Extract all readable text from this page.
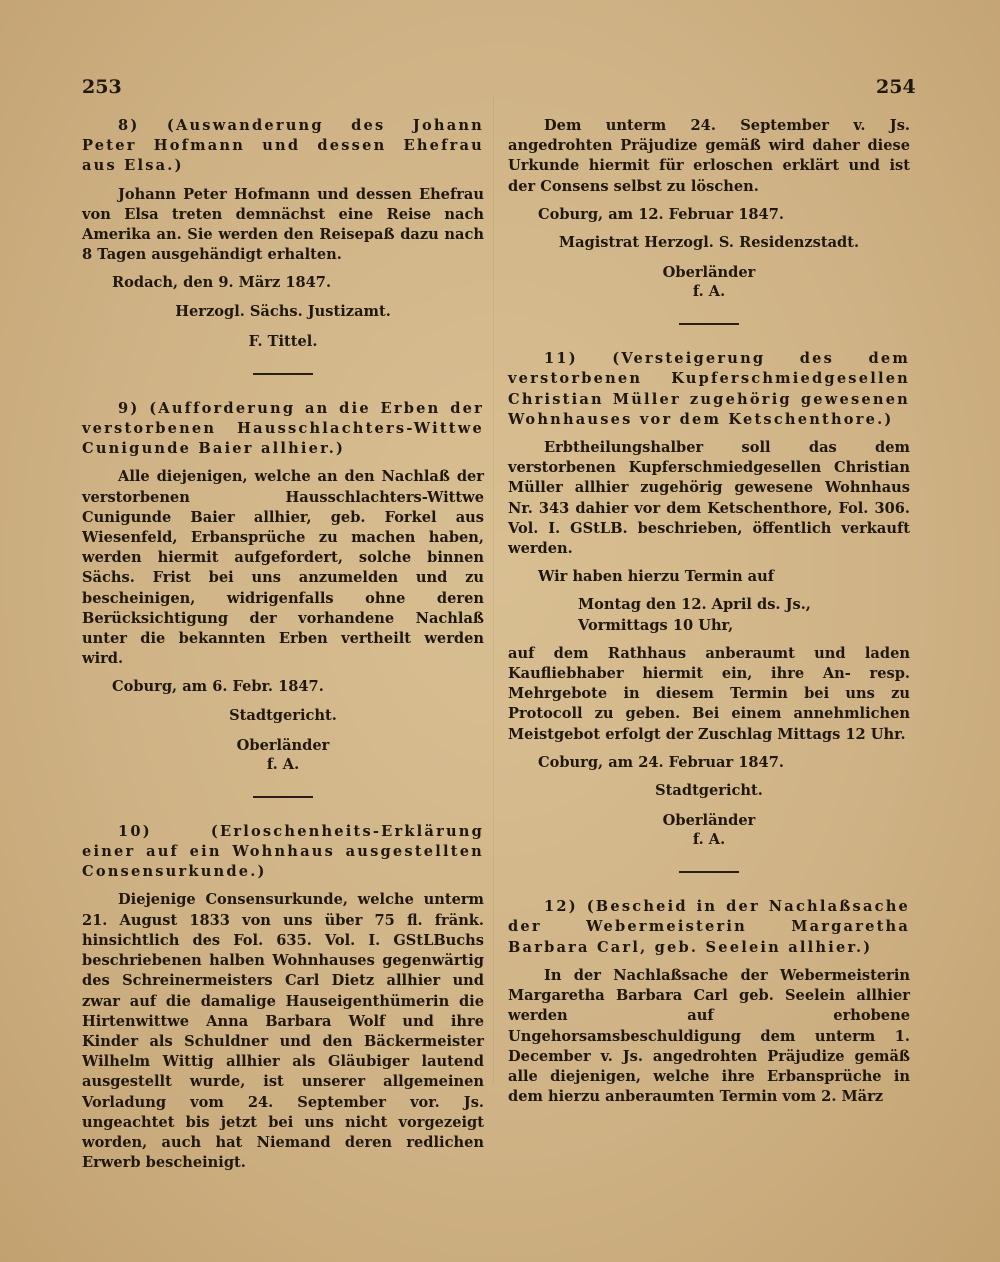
253	254

8) (Auswanderung des Johann Peter Hofmann und dessen Ehefrau aus Elsa.)

Johann Peter Hofmann und dessen Ehefrau von Elsa treten demnächst eine Reise nach Amerika an. Sie werden den Reisepaß dazu nach 8 Tagen ausgehändigt erhalten.

Rodach, den 9. März 1847.

Herzogl. Sächs. Justizamt.

F. Tittel.

9) (Aufforderung an die Erben der verstorbenen Hausschlachters-Wittwe Cunigunde Baier allhier.)

Alle diejenigen, welche an den Nachlaß der verstorbenen Hausschlachters-Wittwe Cunigunde Baier allhier, geb. Forkel aus Wiesenfeld, Erbansprüche zu machen haben, werden hiermit aufgefordert, solche binnen Sächs. Frist bei uns anzumelden und zu bescheinigen, widrigenfalls ohne deren Berücksichtigung der vorhandene Nachlaß unter die bekannten Erben vertheilt werden wird.

Coburg, am 6. Febr. 1847.

Stadtgericht.

Oberländer

f. A.

10) (Erloschenheits-Erklärung einer auf ein Wohnhaus ausgestellten Consensurkunde.)

Diejenige Consensurkunde, welche unterm 21. August 1833 von uns über 75 fl. fränk. hinsichtlich des Fol. 635. Vol. I. GStLBuchs beschriebenen halben Wohnhauses gegenwärtig des Schreinermeisters Carl Dietz allhier und zwar auf die damalige Hauseigenthümerin die Hirtenwittwe Anna Barbara Wolf und ihre Kinder als Schuldner und den Bäckermeister Wilhelm Wittig allhier als Gläubiger lautend ausgestellt wurde, ist unserer allgemeinen Vorladung vom 24. September vor. Js. ungeachtet bis jetzt bei uns nicht vorgezeigt worden, auch hat Niemand deren redlichen Erwerb bescheinigt.

Dem unterm 24. September v. Js. angedrohten Präjudize gemäß wird daher diese Urkunde hiermit für erloschen erklärt und ist der Consens selbst zu löschen.

Coburg, am 12. Februar 1847.

Magistrat Herzogl. S. Residenzstadt.

Oberländer

f. A.

11) (Versteigerung des dem verstorbenen Kupferschmiedgesellen Christian Müller zugehörig gewesenen Wohnhauses vor dem Ketschenthore.)

Erbtheilungshalber soll das dem verstorbenen Kupferschmiedgesellen Christian Müller allhier zugehörig gewesene Wohnhaus Nr. 343 dahier vor dem Ketschenthore, Fol. 306. Vol. I. GStLB. beschrieben, öffentlich verkauft werden.

Wir haben hierzu Termin auf

Montag den 12. April ds. Js.,
Vormittags 10 Uhr,

auf dem Rathhaus anberaumt und laden Kaufliebhaber hiermit ein, ihre An- resp. Mehrgebote in diesem Termin bei uns zu Protocoll zu geben. Bei einem annehmlichen Meistgebot erfolgt der Zuschlag Mittags 12 Uhr.

Coburg, am 24. Februar 1847.

Stadtgericht.

Oberländer

f. A.

12) (Bescheid in der Nachlaßsache der Webermeisterin Margaretha Barbara Carl, geb. Seelein allhier.)

In der Nachlaßsache der Webermeisterin Margaretha Barbara Carl geb. Seelein allhier werden auf erhobene Ungehorsamsbeschuldigung dem unterm 1. December v. Js. angedrohten Präjudize gemäß alle diejenigen, welche ihre Erbansprüche in dem hierzu anberaumten Termin vom 2. März
